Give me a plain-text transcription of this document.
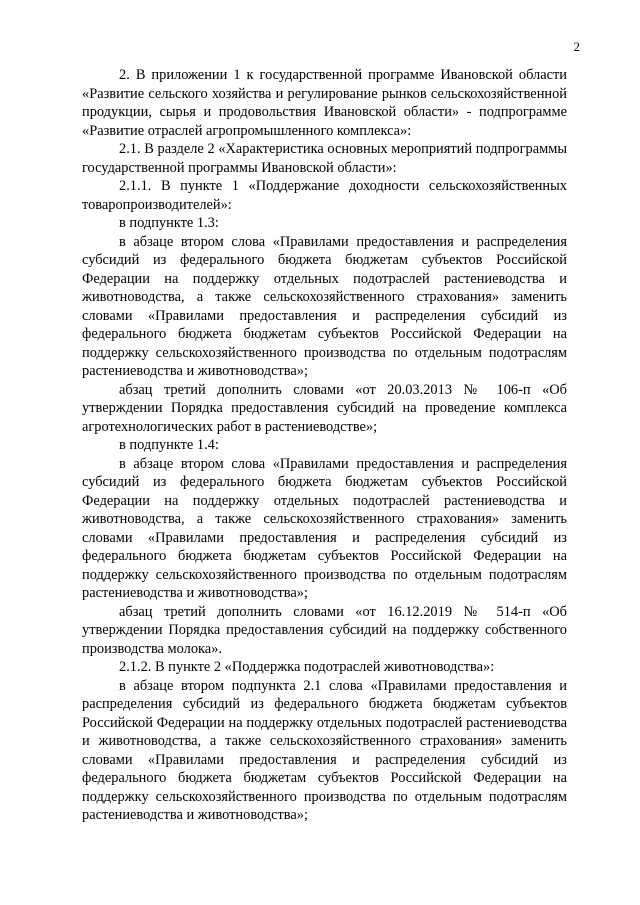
2

2. В приложении 1 к государственной программе Ивановской области «Развитие сельского хозяйства и регулирование рынков сельскохозяйственной продукции, сырья и продовольствия Ивановской области» - подпрограмме «Развитие отраслей агропромышленного комплекса»:

2.1. В разделе 2 «Характеристика основных мероприятий подпрограммы государственной программы Ивановской области»:

2.1.1. В пункте 1 «Поддержание доходности сельскохозяйственных товаропроизводителей»:

в подпункте 1.3:

в абзаце втором слова «Правилами предоставления и распределения субсидий из федерального бюджета бюджетам субъектов Российской Федерации на поддержку отдельных подотраслей растениеводства и животноводства, а также сельскохозяйственного страхования» заменить словами «Правилами предоставления и распределения субсидий из федерального бюджета бюджетам субъектов Российской Федерации на поддержку сельскохозяйственного производства по отдельным подотраслям растениеводства и животноводства»;

абзац третий дополнить словами «от 20.03.2013 № 106-п «Об утверждении Порядка предоставления субсидий на проведение комплекса агротехнологических работ в растениеводстве»;

в подпункте 1.4:

в абзаце втором слова «Правилами предоставления и распределения субсидий из федерального бюджета бюджетам субъектов Российской Федерации на поддержку отдельных подотраслей растениеводства и животноводства, а также сельскохозяйственного страхования» заменить словами «Правилами предоставления и распределения субсидий из федерального бюджета бюджетам субъектов Российской Федерации на поддержку сельскохозяйственного производства по отдельным подотраслям растениеводства и животноводства»;

абзац третий дополнить словами «от 16.12.2019 № 514-п «Об утверждении Порядка предоставления субсидий на поддержку собственного производства молока».

2.1.2. В пункте 2 «Поддержка подотраслей животноводства»:

в абзаце втором подпункта 2.1 слова «Правилами предоставления и распределения субсидий из федерального бюджета бюджетам субъектов Российской Федерации на поддержку отдельных подотраслей растениеводства и животноводства, а также сельскохозяйственного страхования» заменить словами «Правилами предоставления и распределения субсидий из федерального бюджета бюджетам субъектов Российской Федерации на поддержку сельскохозяйственного производства по отдельным подотраслям растениеводства и животноводства»;
